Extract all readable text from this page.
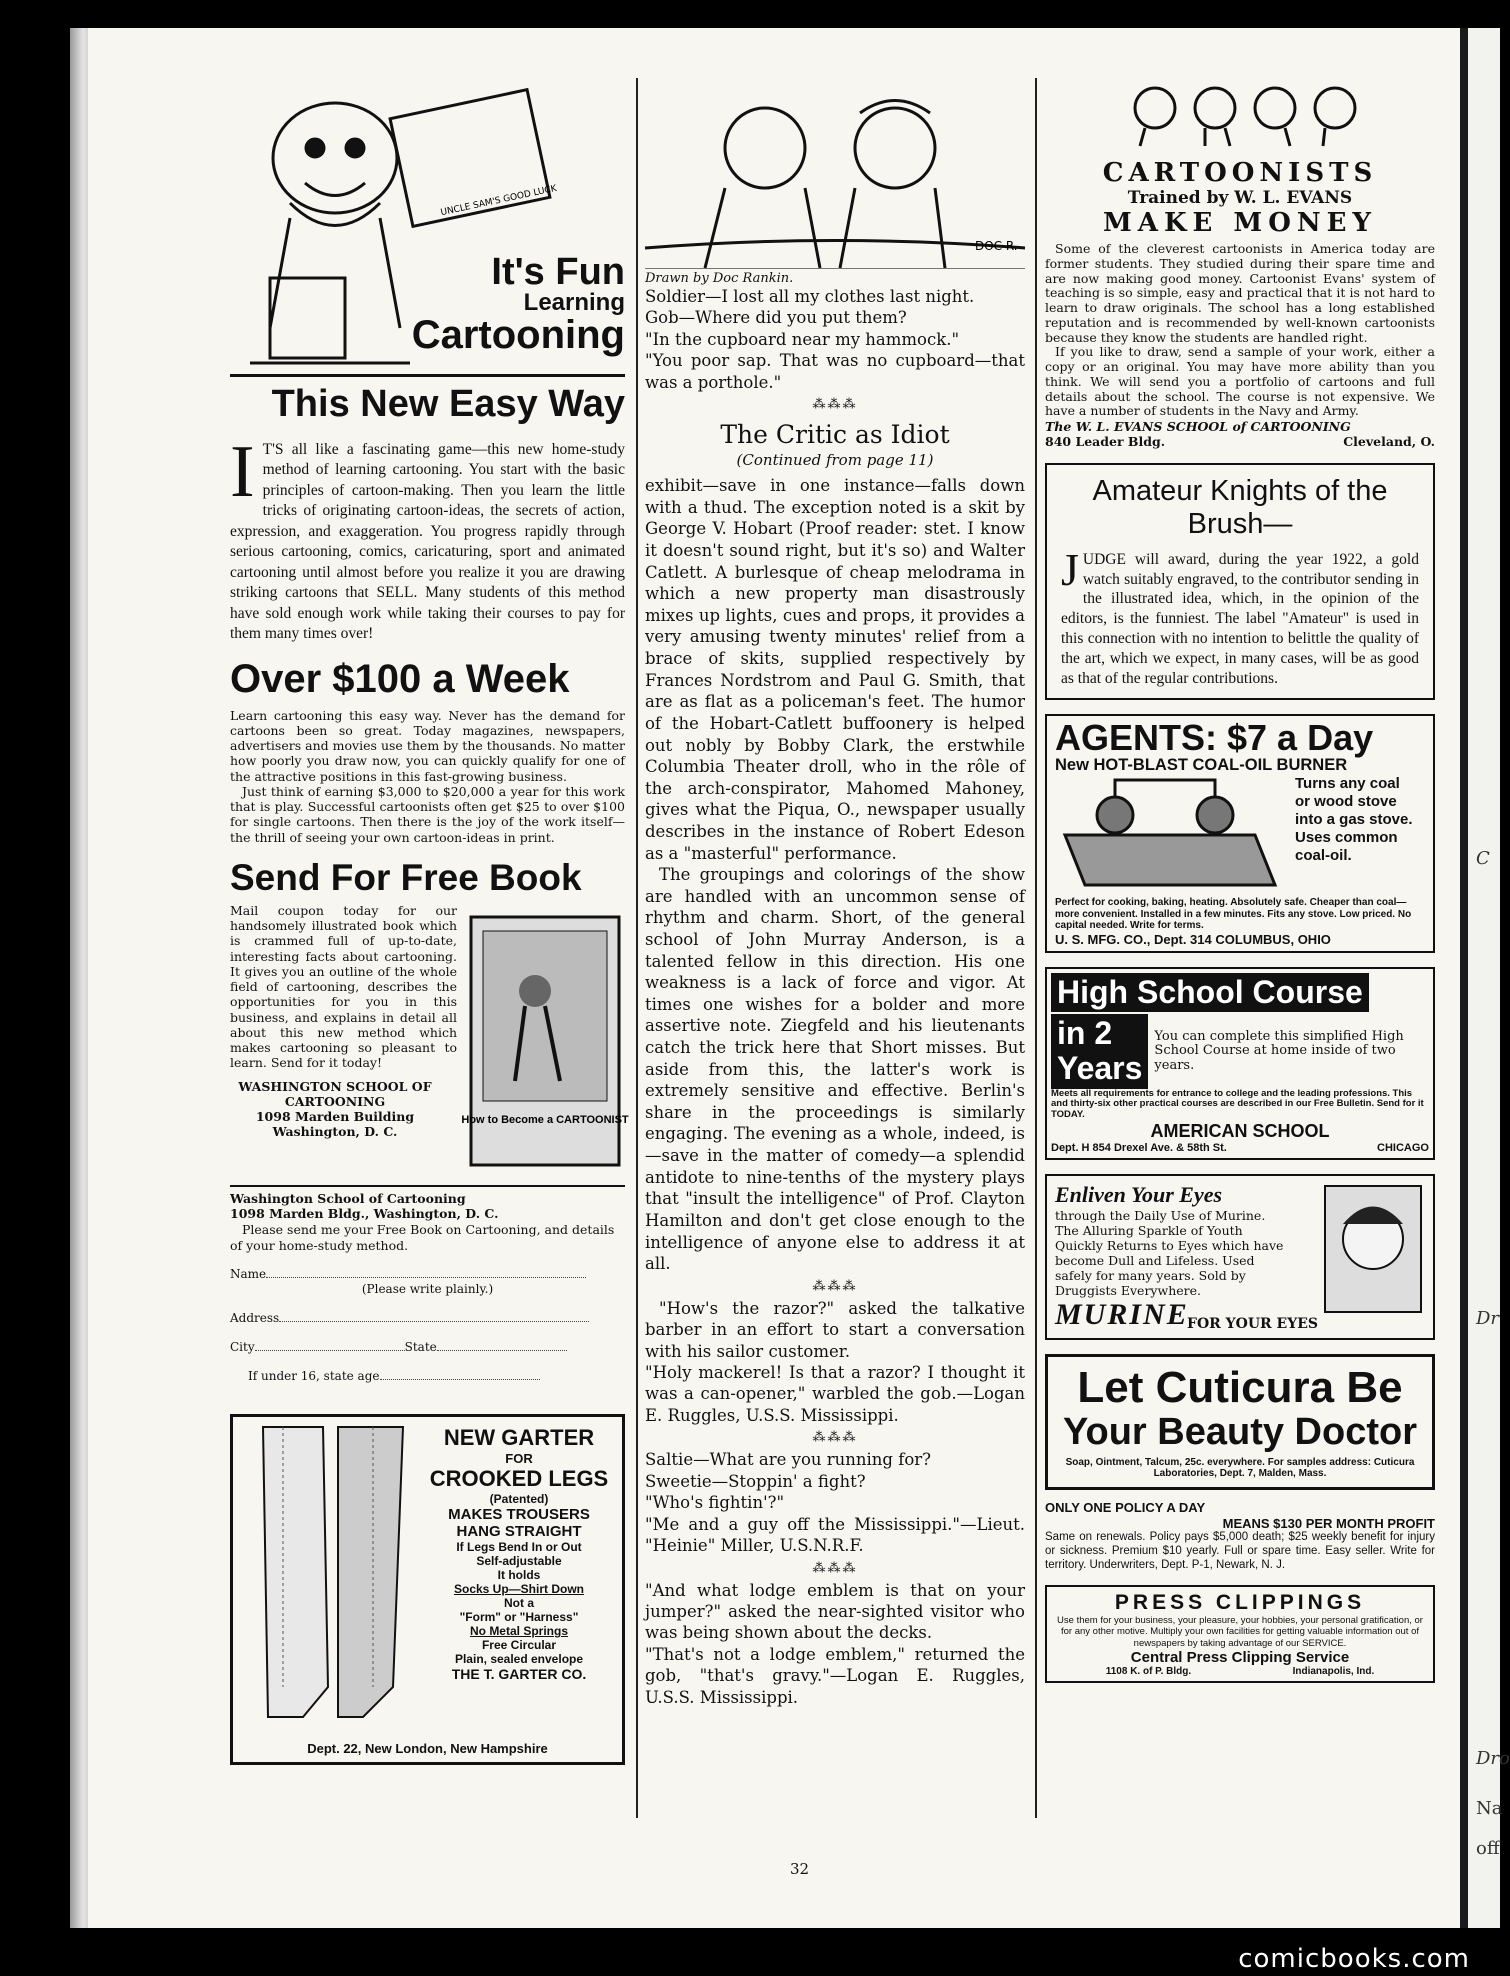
C
Dr
Dro
Na
off
UNCLE SAM'S GOOD LUCK
It's Fun
Learning
Cartooning
This New Easy Way
I T'S all like a fascinating game—this new home-study method of learning cartooning. You start with the basic principles of cartoon-making. Then you learn the little tricks of originating cartoon-ideas, the secrets of action, expression, and exaggeration. You progress rapidly through serious cartooning, comics, caricaturing, sport and animated cartooning until almost before you realize it you are drawing striking cartoons that SELL. Many students of this method have sold enough work while taking their courses to pay for them many times over!
Over $100 a Week
Learn cartooning this easy way. Never has the demand for cartoons been so great. Today magazines, newspapers, advertisers and movies use them by the thousands. No matter how poorly you draw now, you can quickly qualify for one of the attractive positions in this fast-growing business.
Just think of earning $3,000 to $20,000 a year for this work that is play. Successful cartoonists often get $25 to over $100 for single cartoons. Then there is the joy of the work itself—the thrill of seeing your own cartoon-ideas in print.
Send For Free Book
How to Become a CARTOONIST
Mail coupon today for our handsomely illustrated book which is crammed full of up-to-date, interesting facts about cartooning. It gives you an outline of the whole field of cartooning, describes the opportunities for you in this business, and explains in detail all about this new method which makes cartooning so pleasant to learn. Send for it today!
WASHINGTON SCHOOL OF CARTOONING
1098 Marden Building
Washington, D. C.
Washington School of Cartooning
1098 Marden Bldg., Washington, D. C.
Please send me your Free Book on Cartooning, and details of your home-study method.
Name
(Please write plainly.)
Address
City	State
If under 16, state age
NEW GARTER
FOR
CROOKED LEGS
(Patented)
MAKES TROUSERS
HANG STRAIGHT
If Legs Bend In or Out
Self-adjustable
It holds
Socks Up—Shirt Down
Not a
"Form" or "Harness"
No Metal Springs
Free Circular
Plain, sealed envelope
THE T. GARTER CO.
Dept. 22, New London, New Hampshire
DOC R.
Drawn by Doc Rankin.
Soldier—I lost all my clothes last night.
Gob—Where did you put them?
"In the cupboard near my hammock."
"You poor sap. That was no cupboard—that was a porthole."
⁂⁂⁂
The Critic as Idiot
(Continued from page 11)

exhibit—save in one instance—falls down with a thud. The exception noted is a skit by George V. Hobart (Proof reader: stet. I know it doesn't sound right, but it's so) and Walter Catlett. A burlesque of cheap melodrama in which a new property man disastrously mixes up lights, cues and props, it provides a very amusing twenty minutes' relief from a brace of skits, supplied respectively by Frances Nordstrom and Paul G. Smith, that are as flat as a policeman's feet. The humor of the Hobart-Catlett buffoonery is helped out nobly by Bobby Clark, the erstwhile Columbia Theater droll, who in the rôle of the arch-conspirator, Mahomed Mahoney, gives what the Piqua, O., newspaper usually describes in the instance of Robert Edeson as a "masterful" performance.

The groupings and colorings of the show are handled with an uncommon sense of rhythm and charm. Short, of the general school of John Murray Anderson, is a talented fellow in this direction. His one weakness is a lack of force and vigor. At times one wishes for a bolder and more assertive note. Ziegfeld and his lieutenants catch the trick here that Short misses. But aside from this, the latter's work is extremely sensitive and effective. Berlin's share in the proceedings is similarly engaging. The evening as a whole, indeed, is—save in the matter of comedy—a splendid antidote to nine-tenths of the mystery plays that "insult the intelligence" of Prof. Clayton Hamilton and don't get close enough to the intelligence of anyone else to address it at all.

⁂⁂⁂
"How's the razor?" asked the talkative barber in an effort to start a conversation with his sailor customer.
"Holy mackerel! Is that a razor? I thought it was a can-opener," warbled the gob.—Logan E. Ruggles, U.S.S. Mississippi.
⁂⁂⁂
Saltie—What are you running for?
Sweetie—Stoppin' a fight?
"Who's fightin'?"
"Me and a guy off the Mississippi."—Lieut. "Heinie" Miller, U.S.N.R.F.
⁂⁂⁂
"And what lodge emblem is that on your jumper?" asked the near-sighted visitor who was being shown about the decks.
"That's not a lodge emblem," returned the gob, "that's gravy."—Logan E. Ruggles, U.S.S. Mississippi.
32
CARTOONISTS
Trained by W. L. EVANS
MAKE MONEY
Some of the cleverest cartoonists in America today are former students. They studied during their spare time and are now making good money. Cartoonist Evans' system of teaching is so simple, easy and practical that it is not hard to learn to draw originals. The school has a long established reputation and is recommended by well-known cartoonists because they know the students are handled right.
If you like to draw, send a sample of your work, either a copy or an original. You may have more ability than you think. We will send you a portfolio of cartoons and full details about the school. The course is not expensive. We have a number of students in the Navy and Army.
The W. L. EVANS SCHOOL of CARTOONING
840 Leader Bldg.	Cleveland, O.
Amateur Knights of the Brush—
JUDGE will award, during the year 1922, a gold watch suitably engraved, to the contributor sending in the illustrated idea, which, in the opinion of the editors, is the funniest. The label "Amateur" is used in this connection with no intention to belittle the quality of the art, which we expect, in many cases, will be as good as that of the regular contributions.
AGENTS: $7 a Day
New HOT-BLAST COAL-OIL BURNER
Turns any coal or wood stove into a gas stove. Uses common coal-oil.
Perfect for cooking, baking, heating. Absolutely safe. Cheaper than coal—more convenient. Installed in a few minutes. Fits any stove. Low priced. No capital needed. Write for terms.
U. S. MFG. CO., Dept. 314 COLUMBUS, OHIO
High School Course
in 2 Years
You can complete this simplified High School Course at home inside of two years.
Meets all requirements for entrance to college and the leading professions. This and thirty-six other practical courses are described in our Free Bulletin. Send for it TODAY.
AMERICAN SCHOOL
Dept. H 854 Drexel Ave. & 58th St.	CHICAGO
Enliven Your Eyes
through the Daily Use of Murine. The Alluring Sparkle of Youth Quickly Returns to Eyes which have become Dull and Lifeless. Used safely for many years. Sold by Druggists Everywhere.
MURINE
FOR YOUR EYES
Let Cuticura Be
Your Beauty Doctor
Soap, Ointment, Talcum, 25c. everywhere. For samples address: Cuticura Laboratories, Dept. 7, Malden, Mass.
ONLY ONE POLICY A DAY
MEANS $130 PER MONTH PROFIT
Same on renewals. Policy pays $5,000 death; $25 weekly benefit for injury or sickness. Premium $10 yearly. Full or spare time. Easy seller. Write for territory. Underwriters, Dept. P-1, Newark, N. J.
PRESS CLIPPINGS
Use them for your business, your pleasure, your hobbies, your personal gratification, or for any other motive. Multiply your own facilities for getting valuable information out of newspapers by taking advantage of our SERVICE.
Central Press Clipping Service
1108 K. of P. Bldg.	Indianapolis, Ind.
comicbooks.com
